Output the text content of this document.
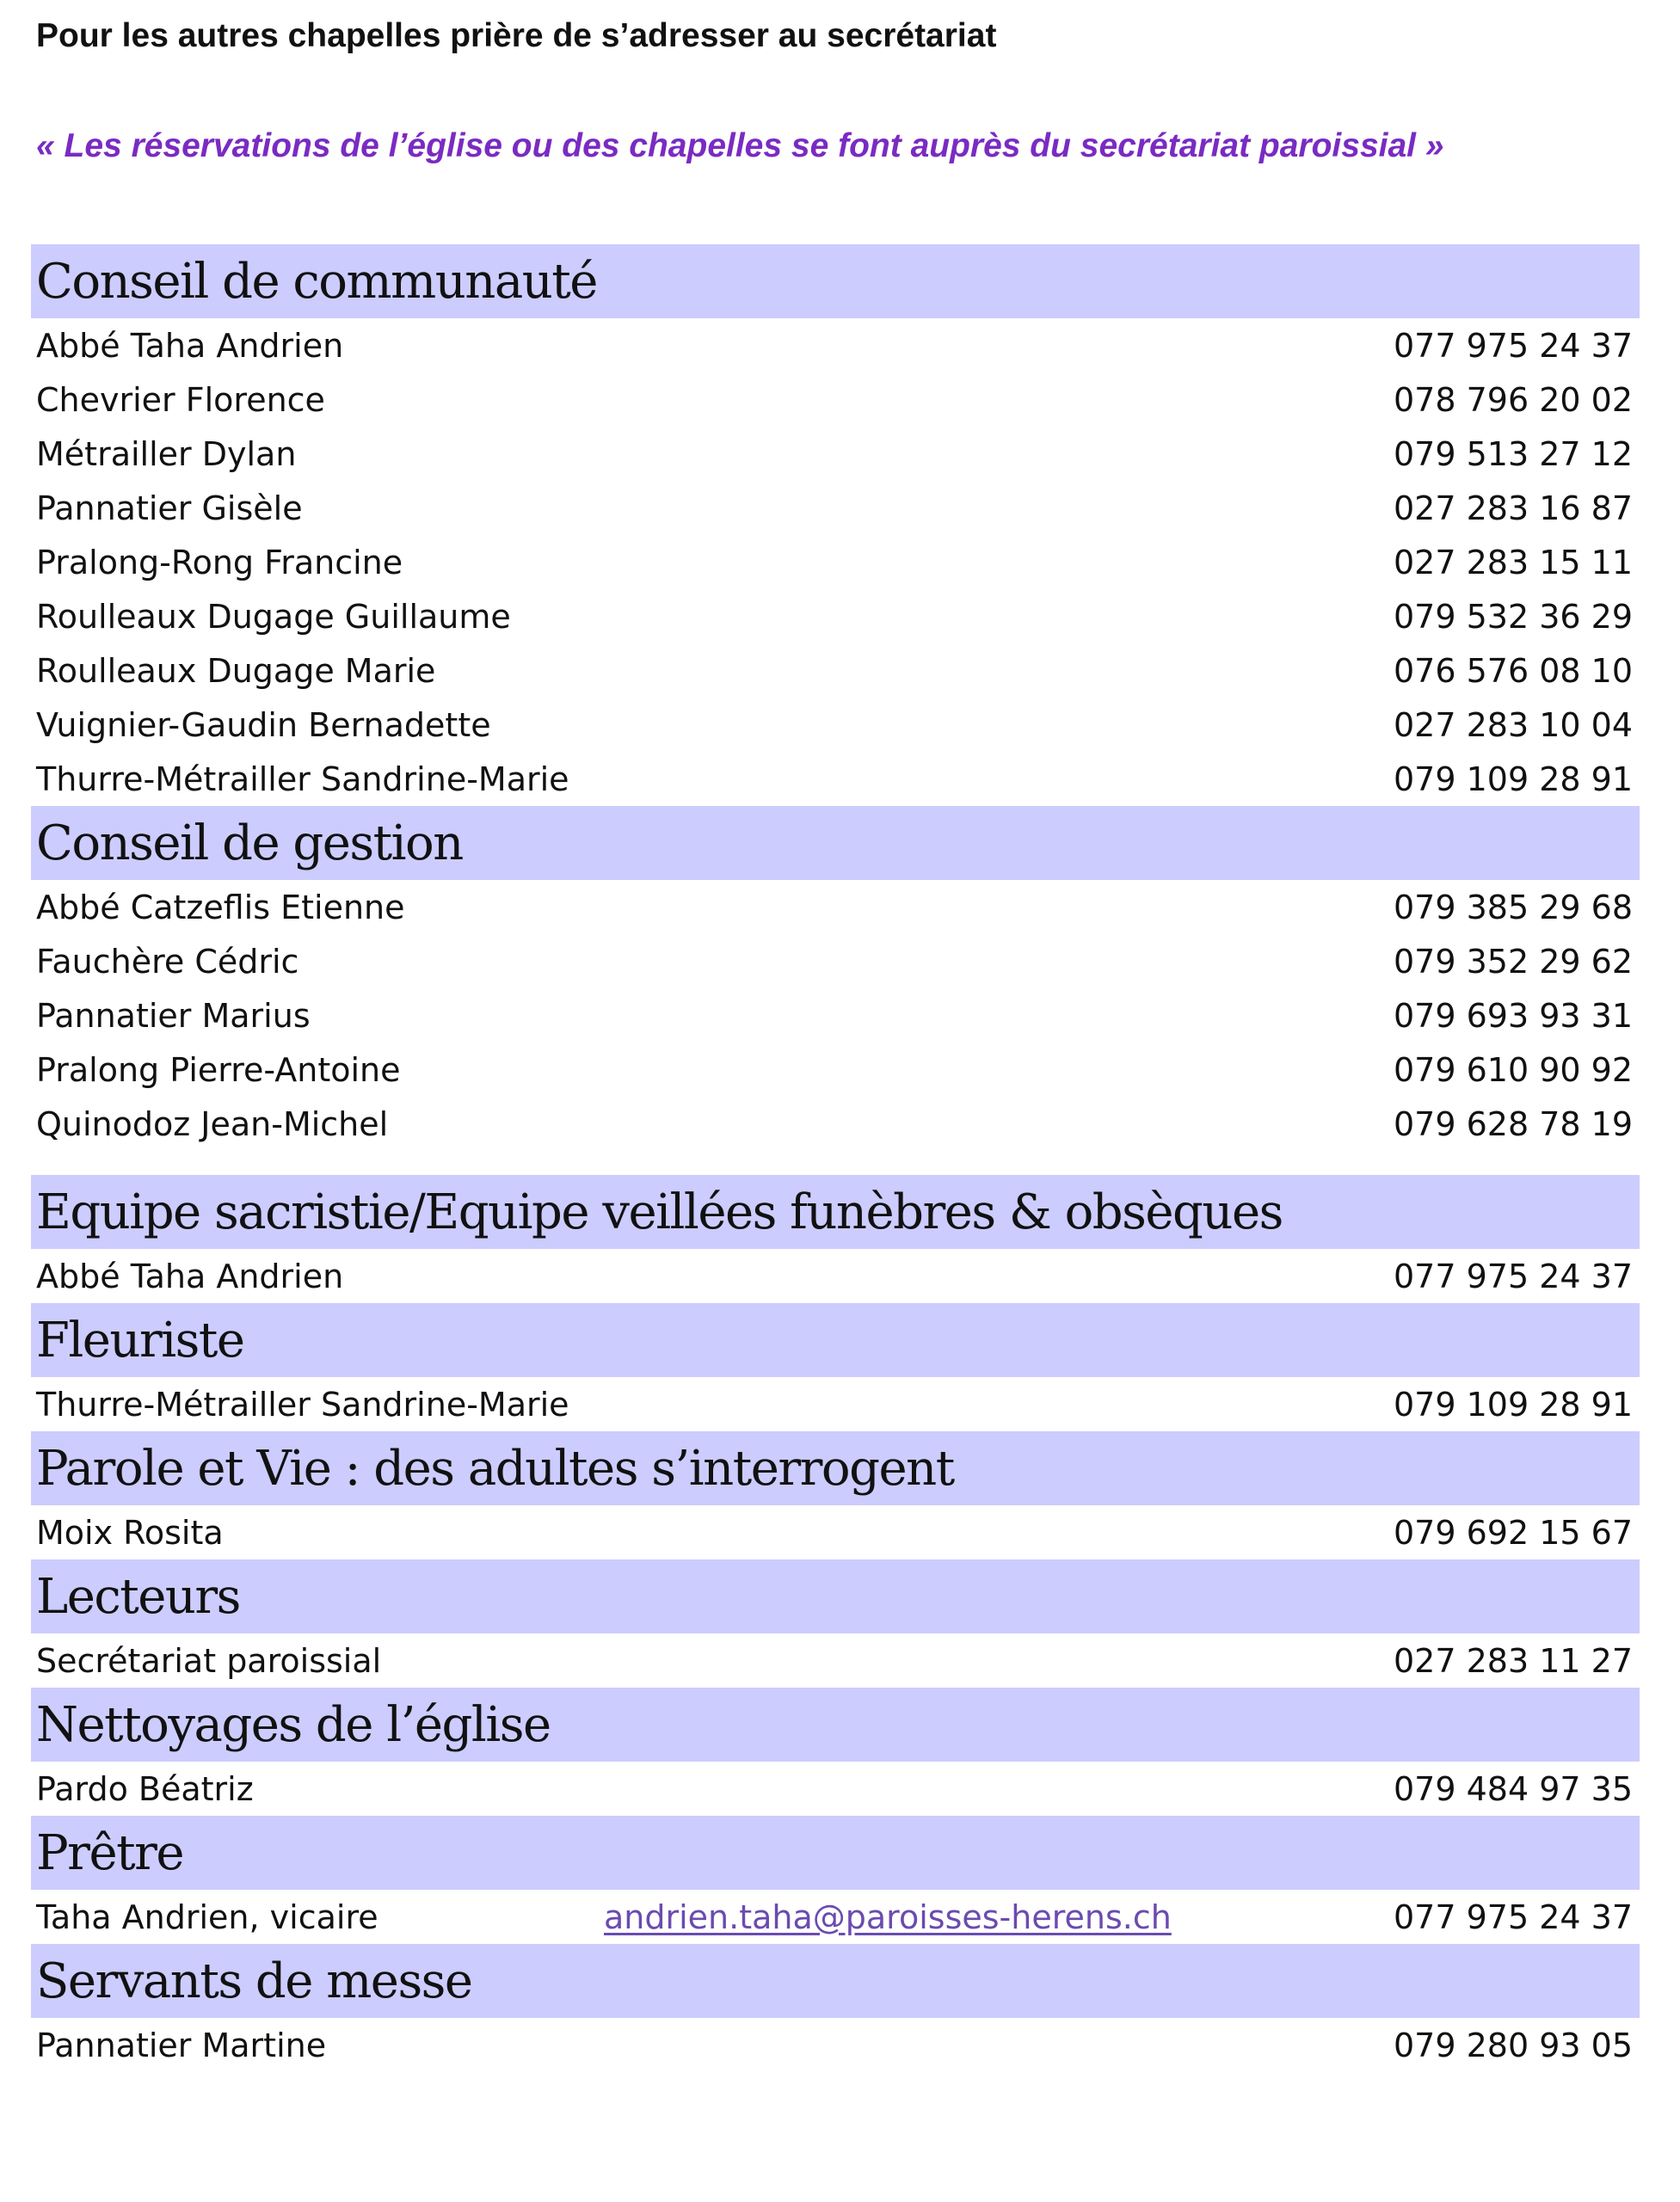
Pour les autres chapelles prière de s’adresser au secrétariat
« Les réservations de l’église ou des chapelles se font auprès du secrétariat paroissial »
Conseil de communauté
Abbé Taha Andrien	077 975 24 37
Chevrier Florence	078 796 20 02
Métrailler Dylan	079 513 27 12
Pannatier Gisèle	027 283 16 87
Pralong-Rong Francine	027 283 15 11
Roulleaux Dugage Guillaume	079 532 36 29
Roulleaux Dugage Marie	076 576 08 10
Vuignier-Gaudin Bernadette	027 283 10 04
Thurre-Métrailler Sandrine-Marie	079 109 28 91
Conseil de gestion
Abbé Catzeflis Etienne	079 385 29 68
Fauchère Cédric	079 352 29 62
Pannatier Marius	079 693 93 31
Pralong Pierre-Antoine	079 610 90 92
Quinodoz Jean-Michel	079 628 78 19
Equipe sacristie/Equipe veillées funèbres & obsèques
Abbé Taha Andrien	077 975 24 37
Fleuriste
Thurre-Métrailler Sandrine-Marie	079 109 28 91
Parole et Vie : des adultes s’interrogent
Moix Rosita	079 692 15 67
Lecteurs
Secrétariat paroissial	027 283 11 27
Nettoyages de l’église
Pardo Béatriz	079 484 97 35
Prêtre
Taha Andrien, vicaire	andrien.taha@paroisses-herens.ch	077 975 24 37
Servants de messe
Pannatier Martine	079 280 93 05
